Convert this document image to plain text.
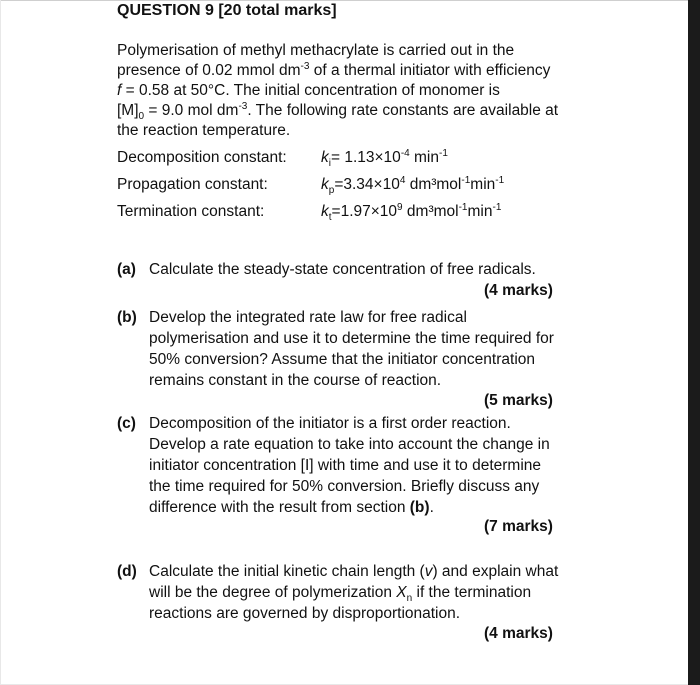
QUESTION 9 [20 total marks]
Polymerisation of methyl methacrylate is carried out in the
presence of 0.02 mmol $dm^{-3}$ of a thermal initiator with efficiency
f = 0.58 at 50°C. The initial concentration of monomer is
$[M]_0 = 9.0$ mol $dm^{-3}$. The following rate constants are available at
the reaction temperature.
Decomposition constant: $k_i= 1.13\times 10^{-4}$ $\min^{-1}$
Propagation constant:	$k_p=3.34\times 10^4$ $dm^3mol^{-1}\min^{-1}$
Termination constant:	$k_t=1.97\times 10^9$ $dm^3mol^{-1}\min^{-1}$
(a) Calculate the steady-state concentration of free radicals.
(4 marks)
(b) Develop the integrated rate law for free radical
polymerisation and use it to determine the time required for
50% conversion? Assume that the initiator concentration
remains constant in the course of reaction.
(5 marks)
(c) Decomposition of the initiator is a first order reaction.
Develop a rate equation to take into account the change in
initiator concentration [I] with time and use it to determine
the time required for 50% conversion. Briefly discuss any
difference with the result from section (b).
(7 marks)
(d) Calculate the initial kinetic chain length (v) and explain what
will be the degree of polymerization $X_n$ if the termination
reactions are governed by disproportionation.
(4 marks)
